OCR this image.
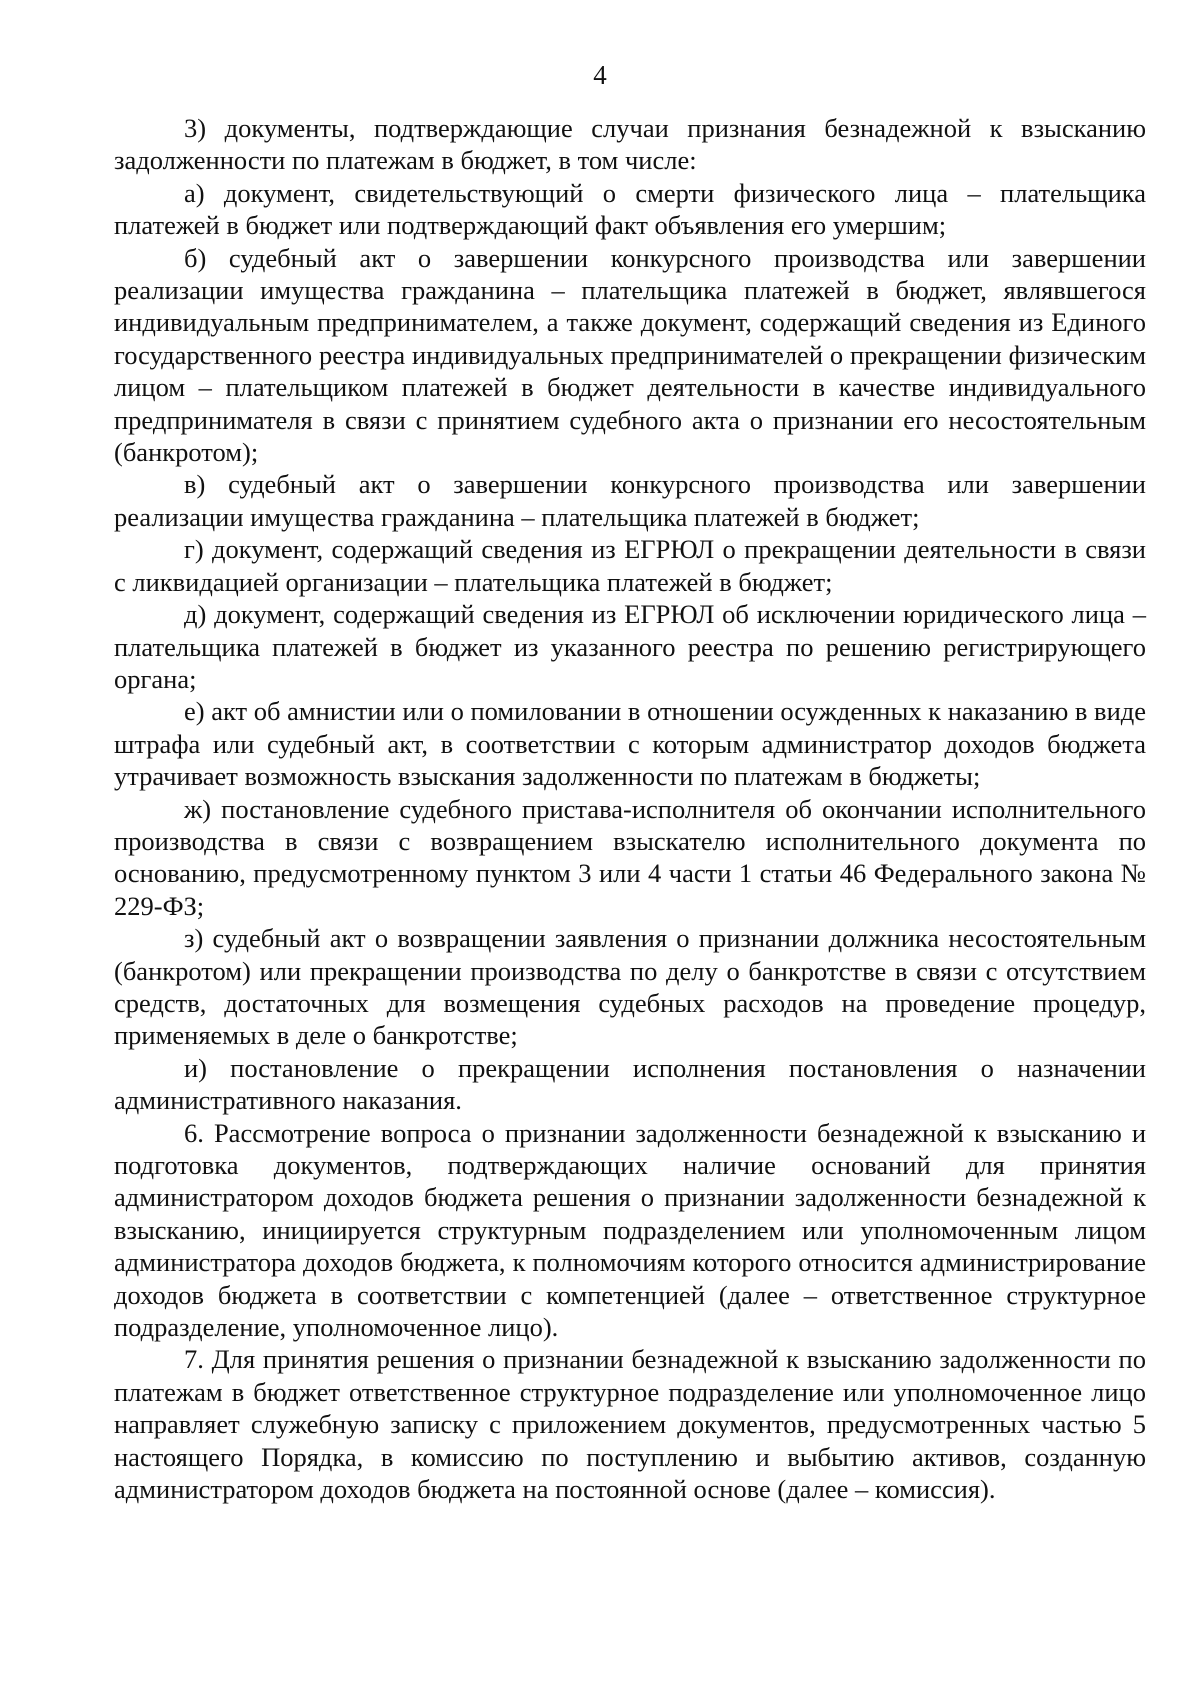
4

3) документы, подтверждающие случаи признания безнадежной к взысканию задолженности по платежам в бюджет, в том числе:

а) документ, свидетельствующий о смерти физического лица – плательщика платежей в бюджет или подтверждающий факт объявления его умершим;

б) судебный акт о завершении конкурсного производства или завершении реализации имущества гражданина – плательщика платежей в бюджет, являвшегося индивидуальным предпринимателем, а также документ, содержащий сведения из Единого государственного реестра индивидуальных предпринимателей о прекращении физическим лицом – плательщиком платежей в бюджет деятельности в качестве индивидуального предпринимателя в связи с принятием судебного акта о признании его несостоятельным (банкротом);

в) судебный акт о завершении конкурсного производства или завершении реализации имущества гражданина – плательщика платежей в бюджет;

г) документ, содержащий сведения из ЕГРЮЛ о прекращении деятельности в связи с ликвидацией организации – плательщика платежей в бюджет;

д) документ, содержащий сведения из ЕГРЮЛ об исключении юридического лица – плательщика платежей в бюджет из указанного реестра по решению регистрирующего органа;

е) акт об амнистии или о помиловании в отношении осужденных к наказанию в виде штрафа или судебный акт, в соответствии с которым администратор доходов бюджета утрачивает возможность взыскания задолженности по платежам в бюджеты;

ж) постановление судебного пристава-исполнителя об окончании исполнительного производства в связи с возвращением взыскателю исполнительного документа по основанию, предусмотренному пунктом 3 или 4 части 1 статьи 46 Федерального закона № 229-ФЗ;

з) судебный акт о возвращении заявления о признании должника несостоятельным (банкротом) или прекращении производства по делу о банкротстве в связи с отсутствием средств, достаточных для возмещения судебных расходов на проведение процедур, применяемых в деле о банкротстве;

и) постановление о прекращении исполнения постановления о назначении административного наказания.

6. Рассмотрение вопроса о признании задолженности безнадежной к взысканию и подготовка документов, подтверждающих наличие оснований для принятия администратором доходов бюджета решения о признании задолженности безнадежной к взысканию, инициируется структурным подразделением или уполномоченным лицом администратора доходов бюджета, к полномочиям которого относится администрирование доходов бюджета в соответствии с компетенцией (далее – ответственное структурное подразделение, уполномоченное лицо).

7. Для принятия решения о признании безнадежной к взысканию задолженности по платежам в бюджет ответственное структурное подразделение или уполномоченное лицо направляет служебную записку с приложением документов, предусмотренных частью 5 настоящего Порядка, в комиссию по поступлению и выбытию активов, созданную администратором доходов бюджета на постоянной основе (далее – комиссия).
